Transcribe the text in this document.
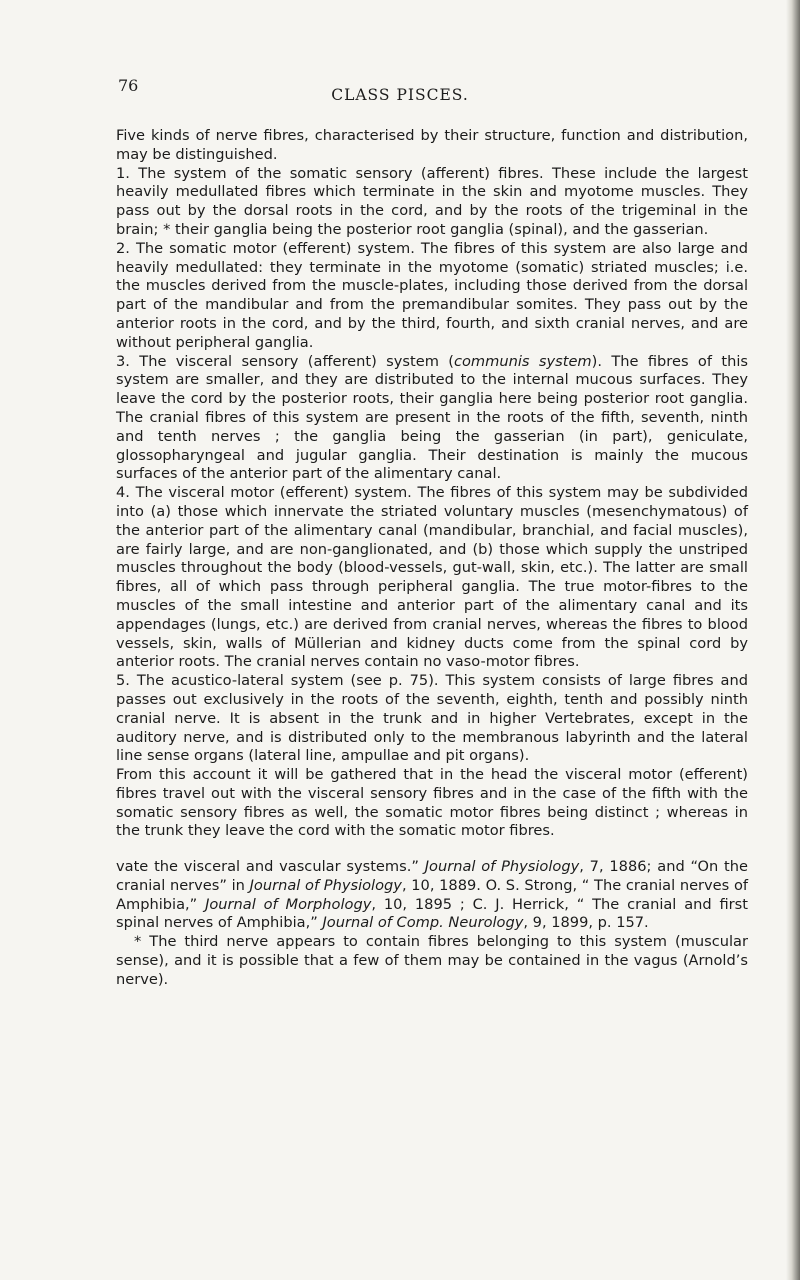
76	CLASS PISCES.

Five kinds of nerve fibres, characterised by their structure, function and distribution, may be distinguished.

1. The system of the somatic sensory (afferent) fibres. These include the largest heavily medullated fibres which terminate in the skin and myotome muscles. They pass out by the dorsal roots in the cord, and by the roots of the trigeminal in the brain; * their ganglia being the posterior root ganglia (spinal), and the gasserian.

2. The somatic motor (efferent) system. The fibres of this system are also large and heavily medullated: they terminate in the myotome (somatic) striated muscles; i.e. the muscles derived from the muscle-plates, including those derived from the dorsal part of the mandibular and from the premandibular somites. They pass out by the anterior roots in the cord, and by the third, fourth, and sixth cranial nerves, and are without peripheral ganglia.

3. The visceral sensory (afferent) system (communis system). The fibres of this system are smaller, and they are distributed to the internal mucous surfaces. They leave the cord by the posterior roots, their ganglia here being posterior root ganglia. The cranial fibres of this system are present in the roots of the fifth, seventh, ninth and tenth nerves ; the ganglia being the gasserian (in part), geniculate, glossopharyngeal and jugular ganglia. Their destination is mainly the mucous surfaces of the anterior part of the alimentary canal.

4. The visceral motor (efferent) system. The fibres of this system may be subdivided into (a) those which innervate the striated voluntary muscles (mesenchymatous) of the anterior part of the alimentary canal (mandibular, branchial, and facial muscles), are fairly large, and are non-ganglionated, and (b) those which supply the unstriped muscles throughout the body (blood-vessels, gut-wall, skin, etc.). The latter are small fibres, all of which pass through peripheral ganglia. The true motor-fibres to the muscles of the small intestine and anterior part of the alimentary canal and its appendages (lungs, etc.) are derived from cranial nerves, whereas the fibres to blood vessels, skin, walls of Müllerian and kidney ducts come from the spinal cord by anterior roots. The cranial nerves contain no vaso-motor fibres.

5. The acustico-lateral system (see p. 75). This system consists of large fibres and passes out exclusively in the roots of the seventh, eighth, tenth and possibly ninth cranial nerve. It is absent in the trunk and in higher Vertebrates, except in the auditory nerve, and is distributed only to the membranous labyrinth and the lateral line sense organs (lateral line, ampullae and pit organs).

From this account it will be gathered that in the head the visceral motor (efferent) fibres travel out with the visceral sensory fibres and in the case of the fifth with the somatic sensory fibres as well, the somatic motor fibres being distinct ; whereas in the trunk they leave the cord with the somatic motor fibres.

vate the visceral and vascular systems.” Journal of Physiology, 7, 1886; and “On the cranial nerves” in Journal of Physiology, 10, 1889. O. S. Strong, “ The cranial nerves of Amphibia,” Journal of Morphology, 10, 1895 ; C. J. Herrick, “ The cranial and first spinal nerves of Amphibia,” Journal of Comp. Neurology, 9, 1899, p. 157.

* The third nerve appears to contain fibres belonging to this system (muscular sense), and it is possible that a few of them may be contained in the vagus (Arnold’s nerve).
